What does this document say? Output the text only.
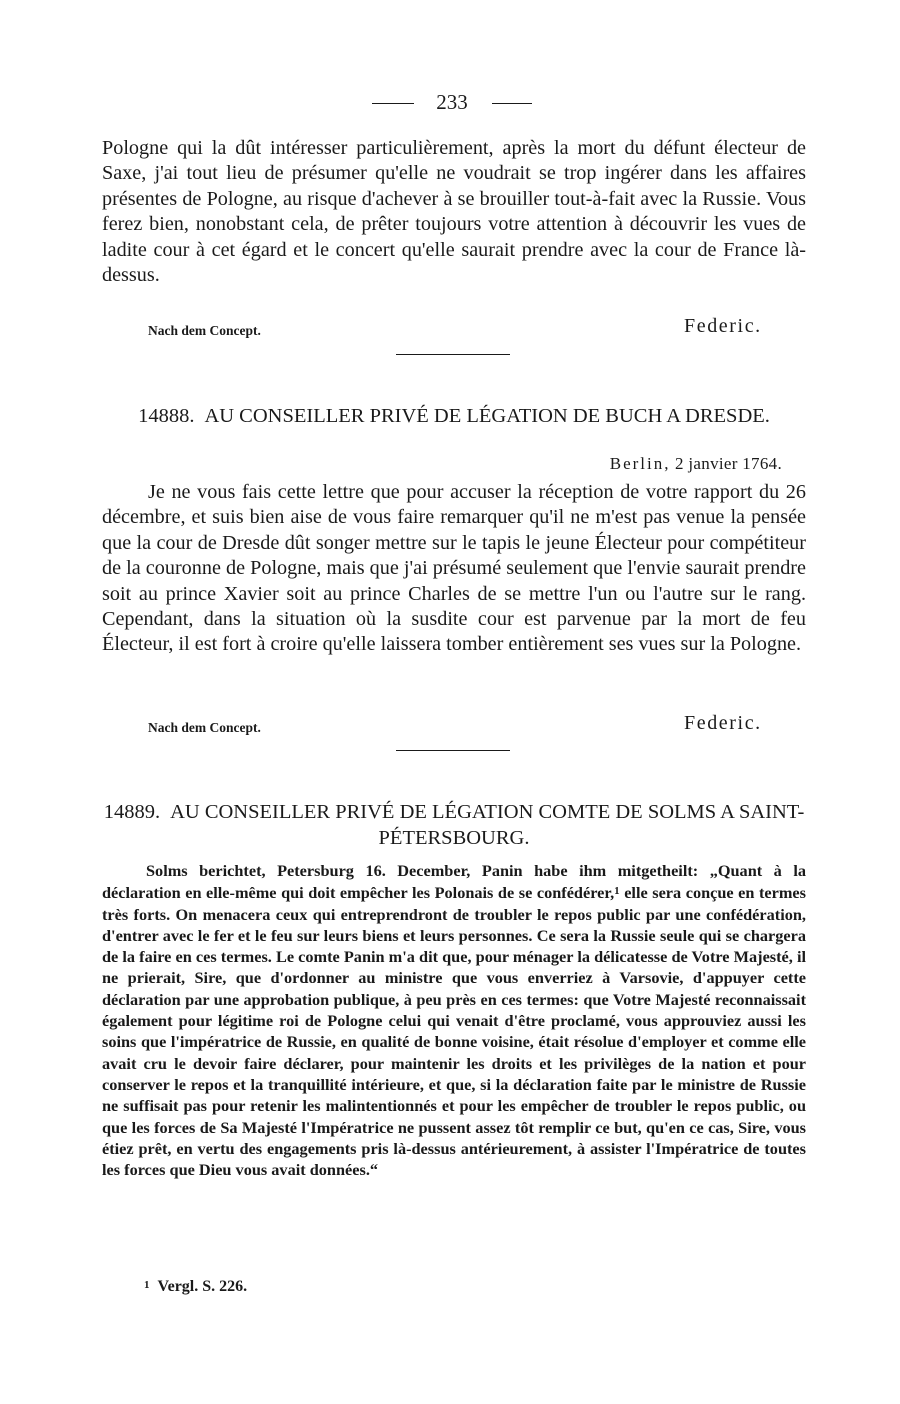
233

Pologne qui la dût intéresser particulièrement, après la mort du défunt électeur de Saxe, j'ai tout lieu de présumer qu'elle ne voudrait se trop ingérer dans les affaires présentes de Pologne, au risque d'achever à se brouiller tout-à-fait avec la Russie. Vous ferez bien, nonobstant cela, de prêter toujours votre attention à découvrir les vues de ladite cour à cet égard et le concert qu'elle saurait prendre avec la cour de France là-dessus.

Nach dem Concept.	Federic.

14888. AU CONSEILLER PRIVÉ DE LÉGATION DE BUCH A DRESDE.

Berlin, 2 janvier 1764.

Je ne vous fais cette lettre que pour accuser la réception de votre rapport du 26 décembre, et suis bien aise de vous faire remarquer qu'il ne m'est pas venue la pensée que la cour de Dresde dût songer mettre sur le tapis le jeune Électeur pour compétiteur de la couronne de Pologne, mais que j'ai présumé seulement que l'envie saurait prendre soit au prince Xavier soit au prince Charles de se mettre l'un ou l'autre sur le rang. Cependant, dans la situation où la susdite cour est parvenue par la mort de feu Électeur, il est fort à croire qu'elle laissera tomber entièrement ses vues sur la Pologne.

Nach dem Concept.	Federic.

14889. AU CONSEILLER PRIVÉ DE LÉGATION COMTE DE SOLMS A SAINT-PÉTERSBOURG.

Solms berichtet, Petersburg 16. December, Panin habe ihm mitgetheilt: „Quant à la déclaration en elle-même qui doit empêcher les Polonais de se confédérer,$^1$ elle sera conçue en termes très forts. On menacera ceux qui entreprendront de troubler le repos public par une confédération, d'entrer avec le fer et le feu sur leurs biens et leurs personnes. Ce sera la Russie seule qui se chargera de la faire en ces termes. Le comte Panin m'a dit que, pour ménager la délicatesse de Votre Majesté, il ne prierait, Sire, que d'ordonner au ministre que vous enverriez à Varsovie, d'appuyer cette déclaration par une approbation publique, à peu près en ces termes: que Votre Majesté reconnaissait également pour légitime roi de Pologne celui qui venait d'être proclamé, vous approuviez aussi les soins que l'impératrice de Russie, en qualité de bonne voisine, était résolue d'employer et comme elle avait cru le devoir faire déclarer, pour maintenir les droits et les privilèges de la nation et pour conserver le repos et la tranquillité intérieure, et que, si la déclaration faite par le ministre de Russie ne suffisait pas pour retenir les malintentionnés et pour les empêcher de troubler le repos public, ou que les forces de Sa Majesté l'Impératrice ne pussent assez tôt remplir ce but, qu'en ce cas, Sire, vous étiez prêt, en vertu des engagements pris là-dessus antérieurement, à assister l'Impératrice de toutes les forces que Dieu vous avait données.“

1 Vergl. S. 226.
